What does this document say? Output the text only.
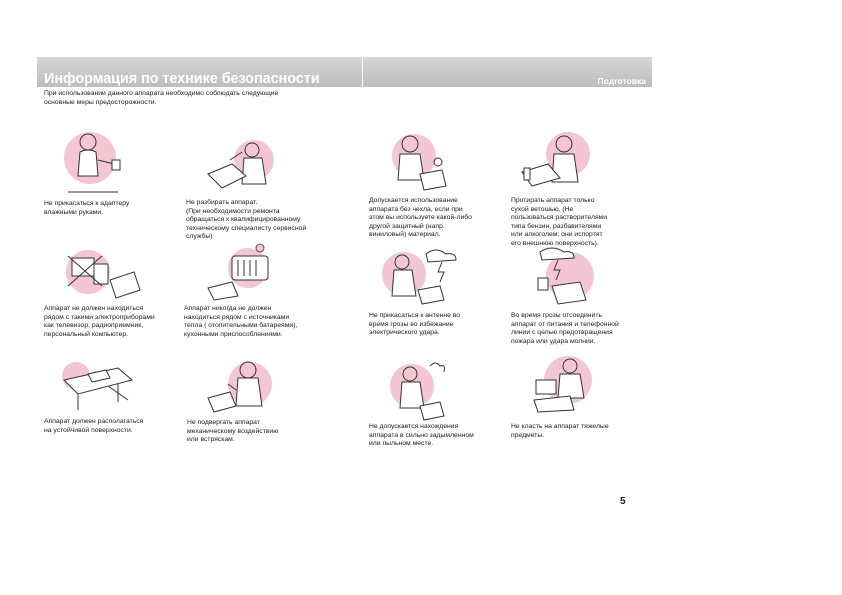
Информация по технике безопасности	Подготовка
При использовании данного аппарата необходимо соблюдать следующие
основные меры предосторожности.
Не прикасаться к адаптеру
влажными руками.
Не разбирать аппарат.
(При необходимости ремонта
обращаться к квалифицированному
техническому специалисту сервисной
службы)
Допускается использование
аппарата без чехла, если при
этом вы используете какой-либо
другой защитный (напр.
виниловый) материал.
Протирать аппарат только
сухой ветошью. (Не
пользоваться растворителями
типа бензин, разбавителями
или алкоголем; они испортят
его внешнюю поверхность).
Аппарат не должен находиться
рядом с такими электроприборами
как телевизор, радиоприемник,
персональный компьютер.
Аппарат никогда не должен
находиться рядом с источниками
тепла ( отопительными батареями),
кухонными приспособлениями.
Не прикасаться к антенне во
время грозы во избежание
электрического удара.
Во время грозы отсоединить
аппарат от питания и телефонной
линии с целью предотвращения
пожара или удара молнии.
Аппарат должен располагаться
на устойчивой поверхности.
Не подвергать аппарат
механическому воздействию
или встряскам.
Не допускается нахождения
аппарата в сильно задымленном
или пыльном месте.
Не класть на аппарат тяжелые
предметы.
5
